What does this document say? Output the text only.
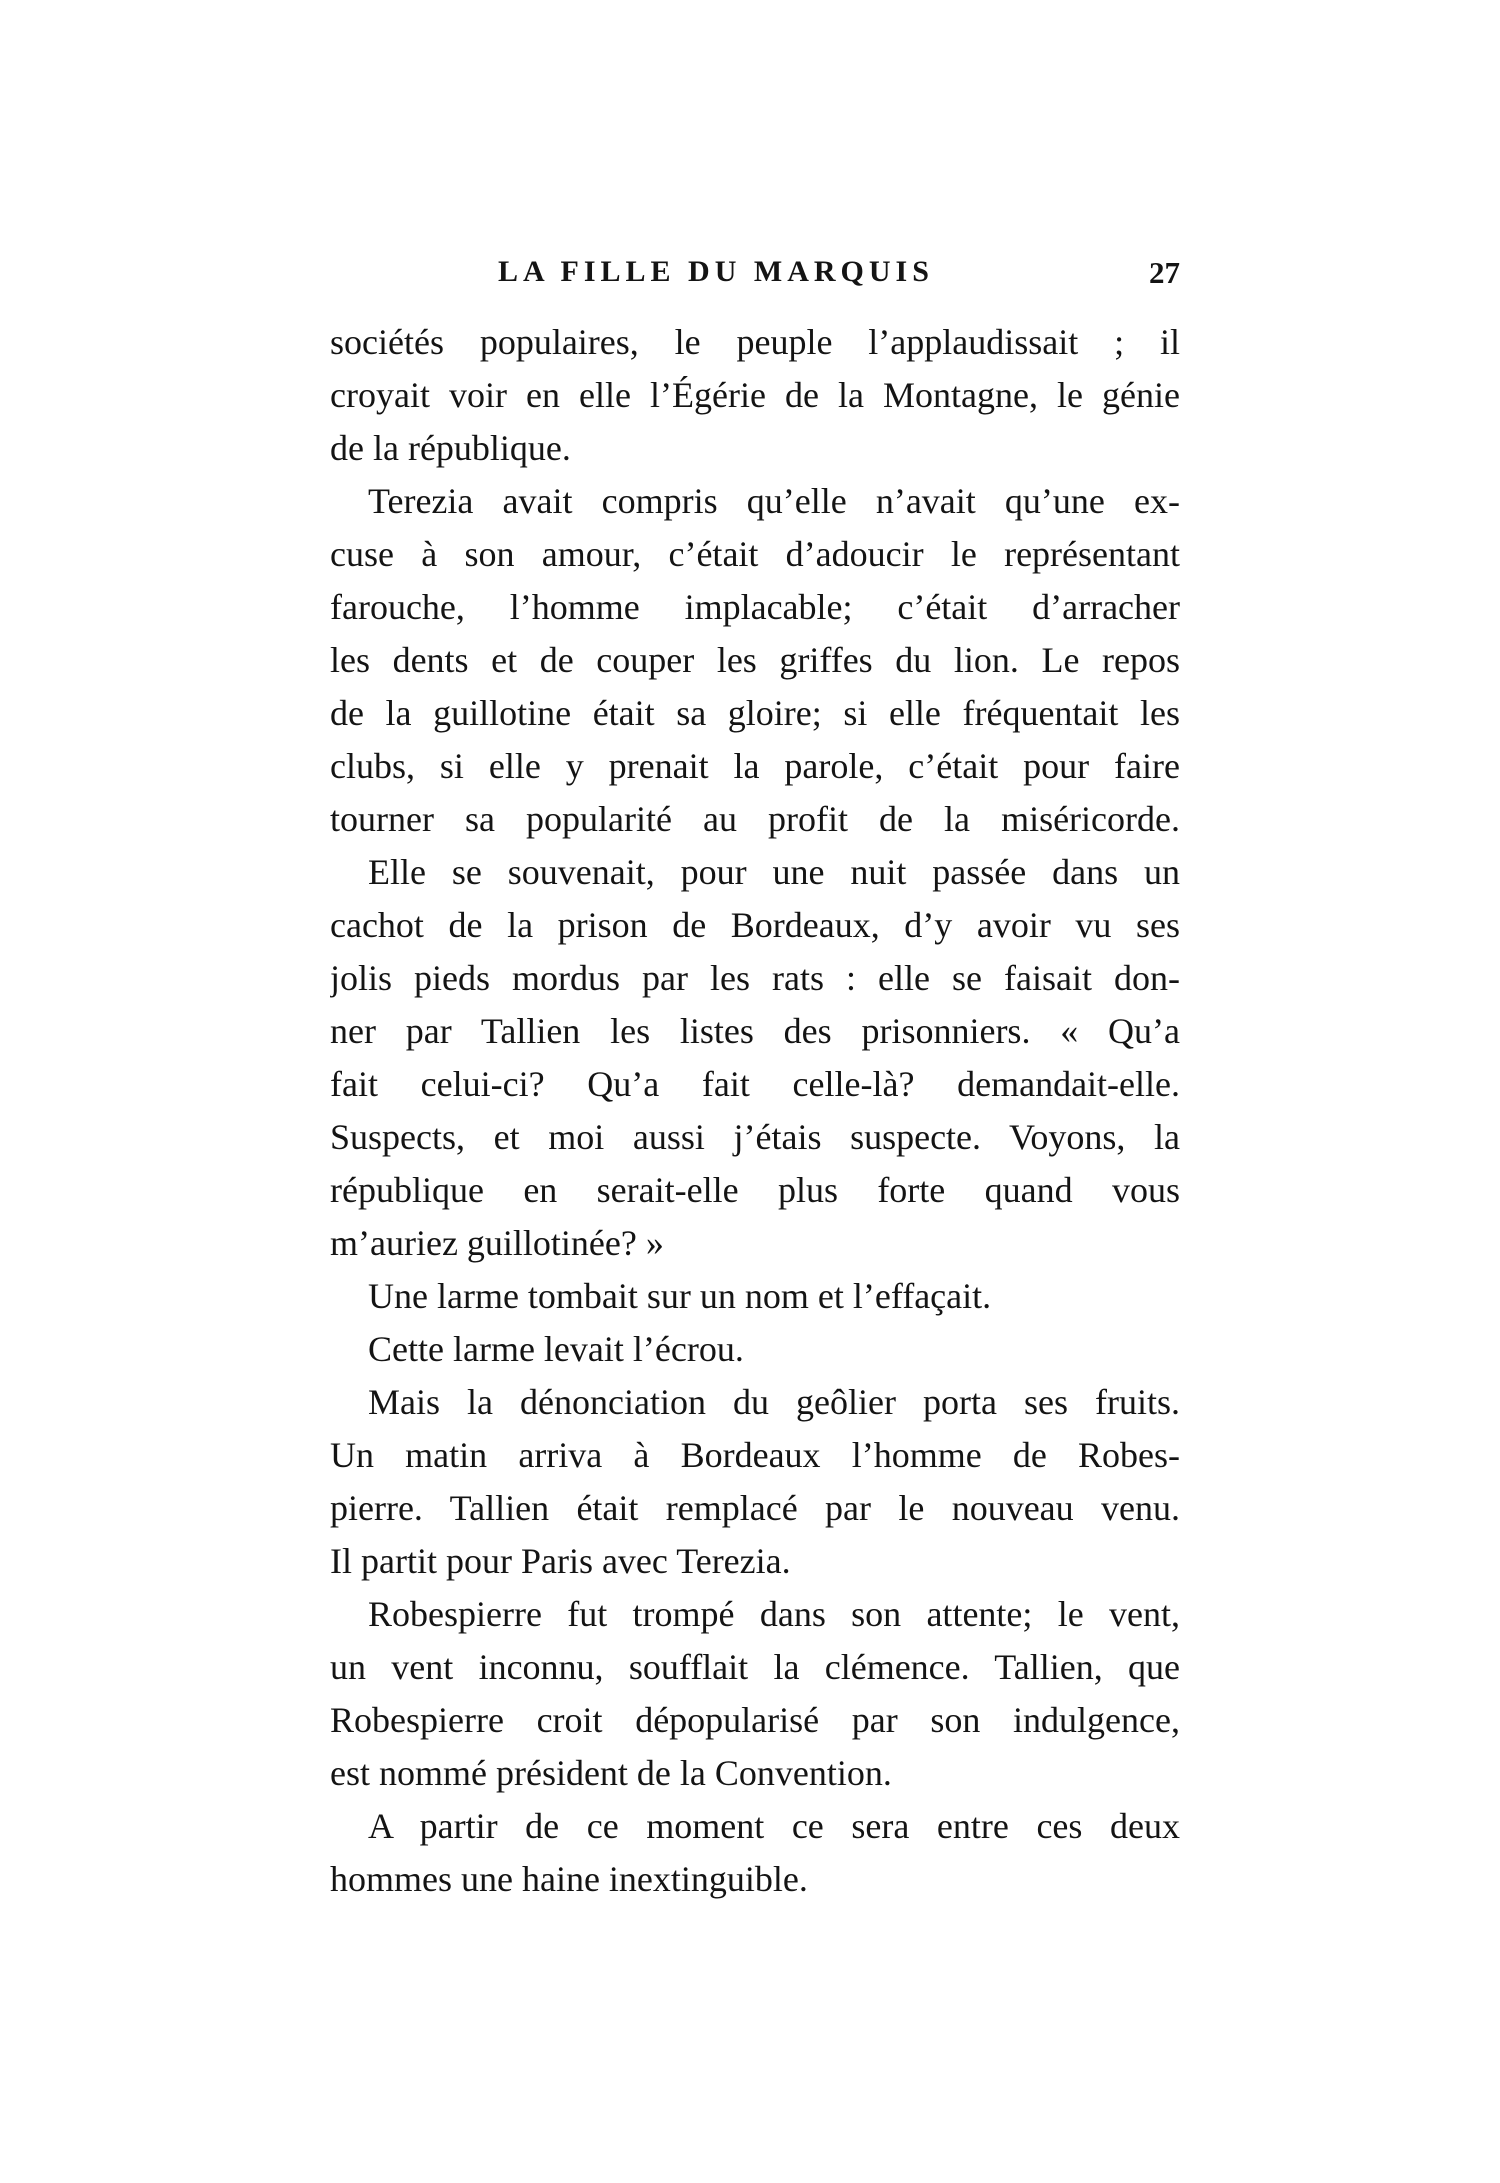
LA FILLE DU MARQUIS	27
sociétés populaires, le peuple l’applaudissait ; il
croyait voir en elle l’Égérie de la Montagne, le génie
de la république.
Terezia avait compris qu’elle n’avait qu’une ex-
cuse à son amour, c’était d’adoucir le représentant
farouche, l’homme implacable; c’était d’arracher
les dents et de couper les griffes du lion. Le repos
de la guillotine était sa gloire; si elle fréquentait les
clubs, si elle y prenait la parole, c’était pour faire
tourner sa popularité au profit de la miséricorde.
Elle se souvenait, pour une nuit passée dans un
cachot de la prison de Bordeaux, d’y avoir vu ses
jolis pieds mordus par les rats : elle se faisait don-
ner par Tallien les listes des prisonniers. « Qu’a
fait celui-ci? Qu’a fait celle-là? demandait-elle.
Suspects, et moi aussi j’étais suspecte. Voyons, la
république en serait-elle plus forte quand vous
m’auriez guillotinée? »
Une larme tombait sur un nom et l’effaçait.
Cette larme levait l’écrou.
Mais la dénonciation du geôlier porta ses fruits.
Un matin arriva à Bordeaux l’homme de Robes-
pierre. Tallien était remplacé par le nouveau venu.
Il partit pour Paris avec Terezia.
Robespierre fut trompé dans son attente; le vent,
un vent inconnu, soufflait la clémence. Tallien, que
Robespierre croit dépopularisé par son indulgence,
est nommé président de la Convention.
A partir de ce moment ce sera entre ces deux
hommes une haine inextinguible.
